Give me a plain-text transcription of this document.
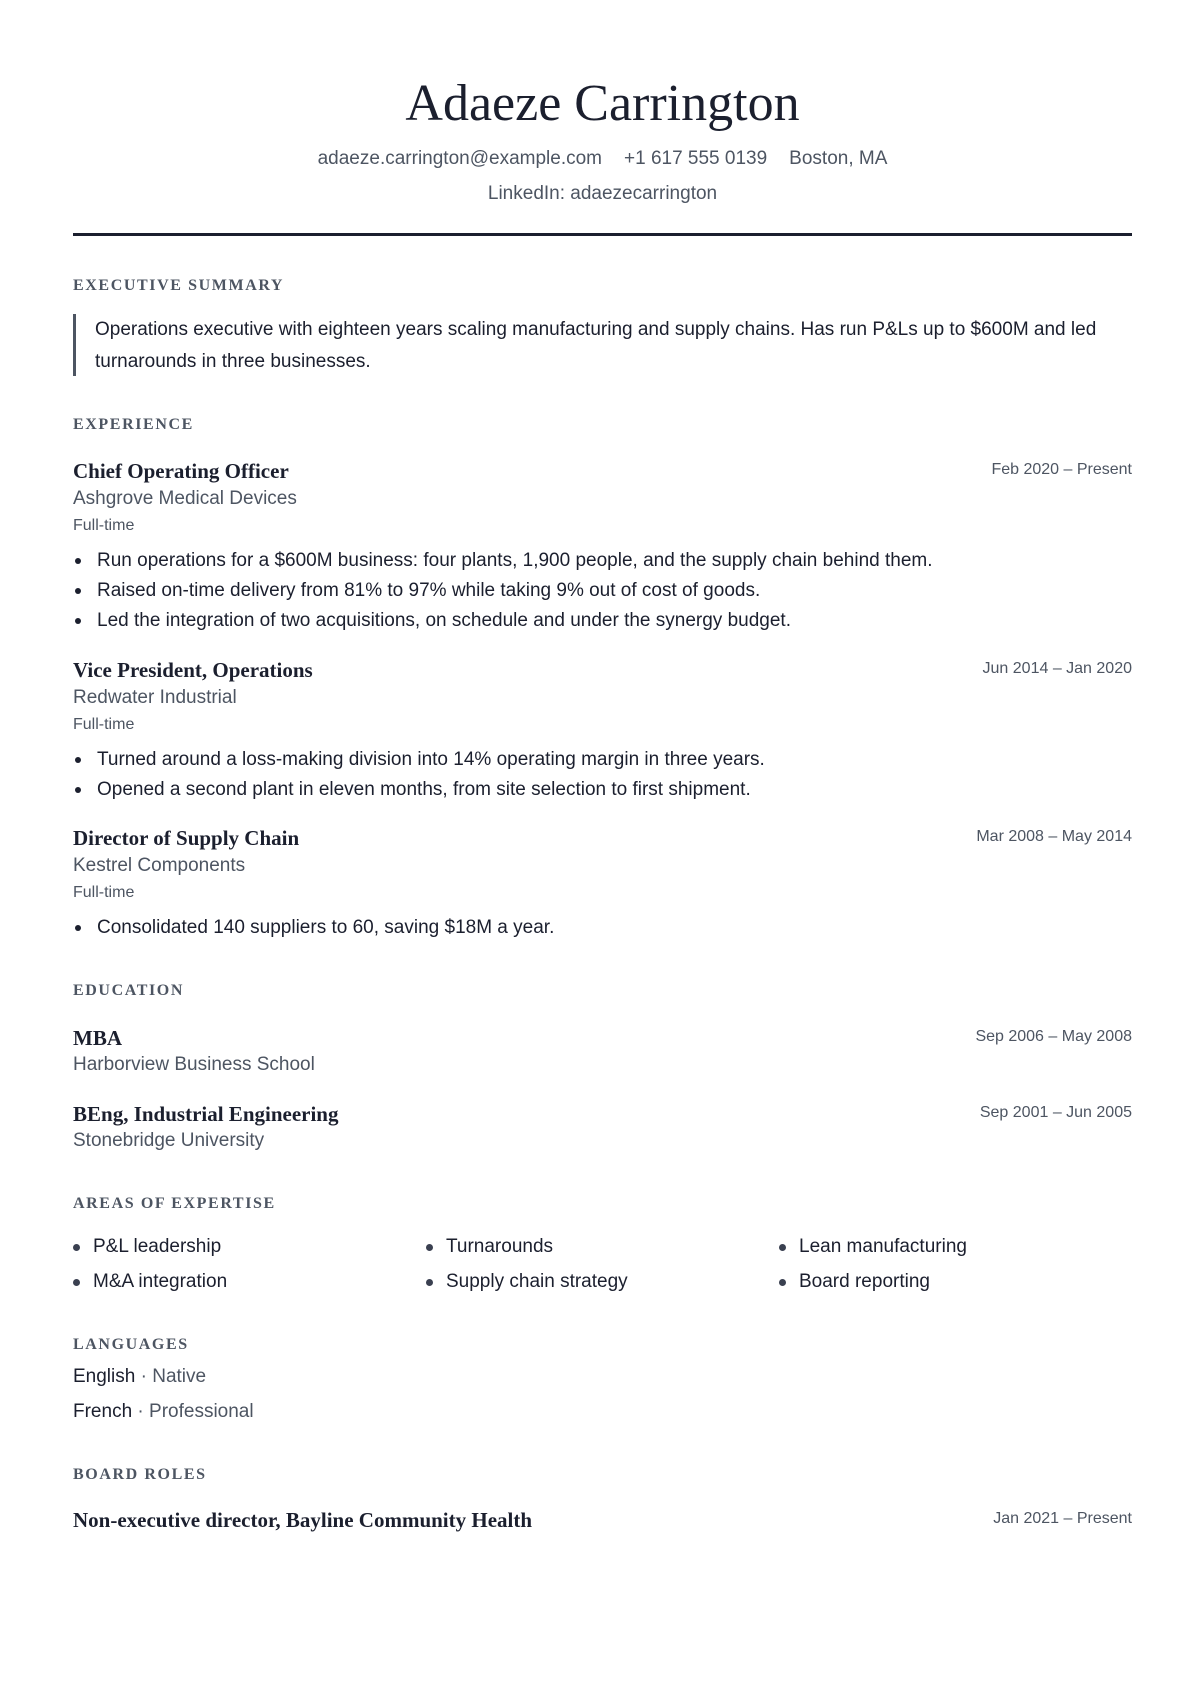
Adaeze Carrington
adaeze.carrington@example.com +1 617 555 0139 Boston, MA
LinkedIn: adaezecarrington
EXECUTIVE SUMMARY
Operations executive with eighteen years scaling manufacturing and supply chains. Has run P&Ls up to $600M and led turnarounds in three businesses.
EXPERIENCE
Chief Operating Officer	Feb 2020 – Present
Ashgrove Medical Devices
Full-time
Run operations for a $600M business: four plants, 1,900 people, and the supply chain behind them.
Raised on-time delivery from 81% to 97% while taking 9% out of cost of goods.
Led the integration of two acquisitions, on schedule and under the synergy budget.
Vice President, Operations	Jun 2014 – Jan 2020
Redwater Industrial
Full-time
Turned around a loss-making division into 14% operating margin in three years.
Opened a second plant in eleven months, from site selection to first shipment.
Director of Supply Chain	Mar 2008 – May 2014
Kestrel Components
Full-time
Consolidated 140 suppliers to 60, saving $18M a year.
EDUCATION
MBA	Sep 2006 – May 2008
Harborview Business School
BEng, Industrial Engineering	Sep 2001 – Jun 2005
Stonebridge University
AREAS OF EXPERTISE
P&L leadership	Turnarounds	Lean manufacturing
M&A integration	Supply chain strategy	Board reporting
LANGUAGES
English · Native
French · Professional
BOARD ROLES
Non-executive director, Bayline Community Health	Jan 2021 – Present
